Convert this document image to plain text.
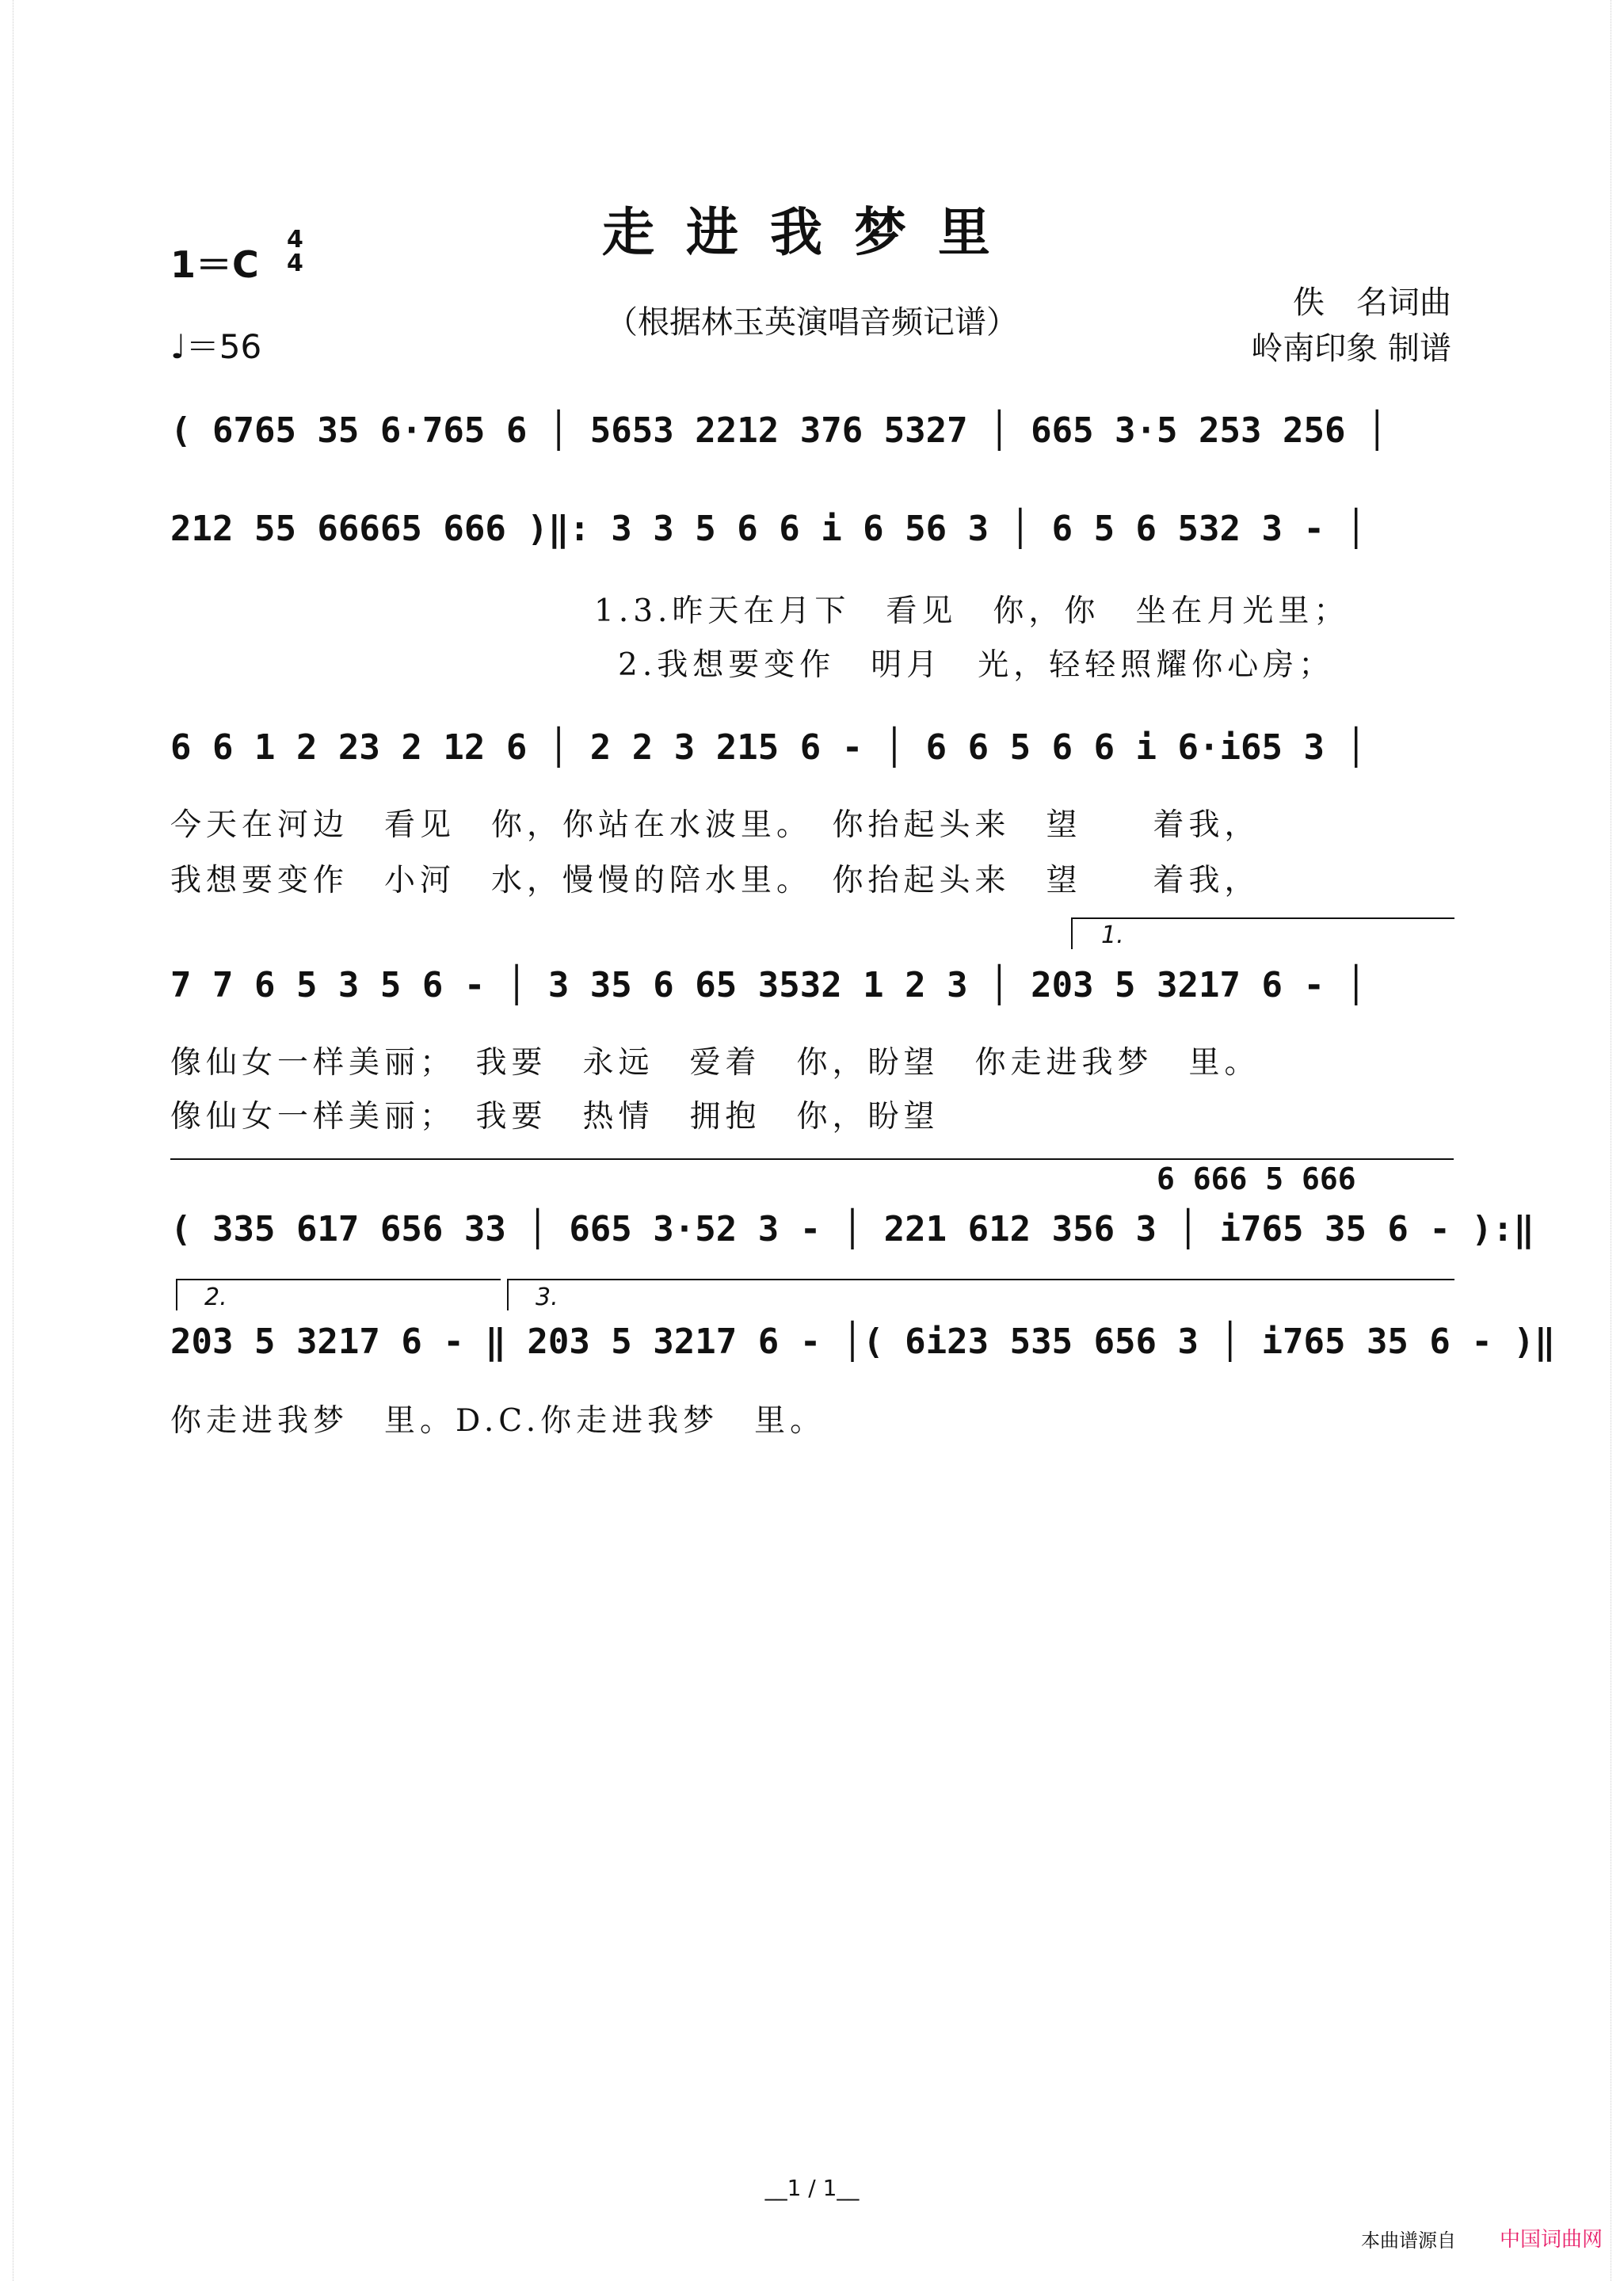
走进我梦里
（根据林玉英演唱音频记谱）
1＝C
4
4
♩＝56
佚　名词曲
岭南印象 制谱
( 6765 35 6·765 6 │ 5653 2212 376 5327 │ 665 3·5 253 256 │
212 55 66665 666 )‖: 3 3 5 6 6 i 6 56 3 │ 6 5 6 532 3 - │
1.3.昨天在月下　看见　你，你　坐在月光里；
2.我想要变作　明月　光，轻轻照耀你心房；
6 6 1 2 23 2 12 6 │ 2 2 3 215 6 - │ 6 6 5 6 6 i 6·i65 3 │
今天在河边　看见　你，你站在水波里。　你抬起头来　望　　着我，
我想要变作　小河　水，慢慢的陪水里。　你抬起头来　望　　着我，
1.
7 7 6 5 3 5 6 - │ 3 35 6 65 3532 1 2 3 │ 203 5 3217 6 - │
像仙女一样美丽；　我要　永远　爱着　你，盼望　你走进我梦　里。
像仙女一样美丽；　我要　热情　拥抱　你，盼望
6 666 5 666
( 335 617 656 33 │ 665 3·52 3 - │ 221 612 356 3 │ i765 35 6 - ):‖
2.	3.
203 5 3217 6 - ‖ 203 5 3217 6 - │( 6i23 535 656 3 │ i765 35 6 - )‖
你走进我梦　里。D.C.你走进我梦　里。
__1 / 1__
本曲谱源自 中国词曲网
